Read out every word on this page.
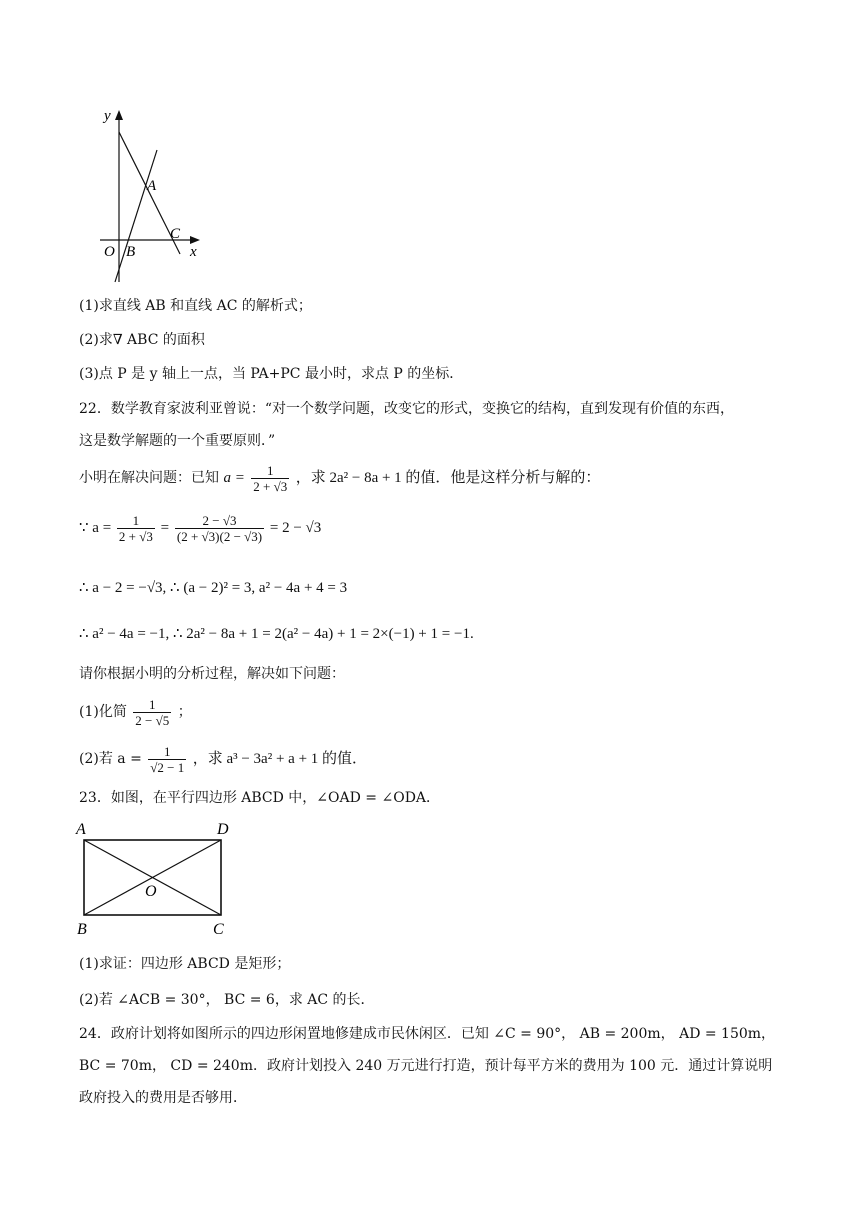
y
x
O B
A
C
(1)求直线 AB 和直线 AC 的解析式；
(2)求∇ ABC 的面积
(3)点 P 是 y 轴上一点，当 PA+PC 最小时，求点 P 的坐标．
22．数学教育家波利亚曾说：“对一个数学问题，改变它的形式，变换它的结构，直到发现有价值的东西，
这是数学解题的一个重要原则．”
小明在解决问题：已知 $a = \frac{1}{2 + √3}$ ，求 2a² − 8a + 1 的值．他是这样分析与解的：
∵ $a = \frac{1}{2 + √3} = \frac{2 - √3}{(2 + √3)(2 - √3)} = 2 - √3$
∴ a − 2 = −√3, ∴ (a − 2)² = 3, a² − 4a + 4 = 3
∴ a² − 4a = −1, ∴ 2a² − 8a + 1 = 2(a² − 4a) + 1 = 2×(−1) + 1 = −1.
请你根据小明的分析过程，解决如下问题：
(1)化简 $\frac{1}{2 - √5}$ ；
(2)若 $a = \frac{1}{√2 - 1}$ ，求 a³ − 3a² + a + 1 的值．
23．如图，在平行四边形 ABCD 中，∠OAD = ∠ODA．
A	D
B	C
O
(1)求证：四边形 ABCD 是矩形；
(2)若 ∠ACB = 30°， BC = 6，求 AC 的长．
24．政府计划将如图所示的四边形闲置地修建成市民休闲区．已知 ∠C = 90°， AB = 200m， AD = 150m，
BC = 70m， CD = 240m．政府计划投入 240 万元进行打造，预计每平方米的费用为 100 元．通过计算说明
政府投入的费用是否够用．
